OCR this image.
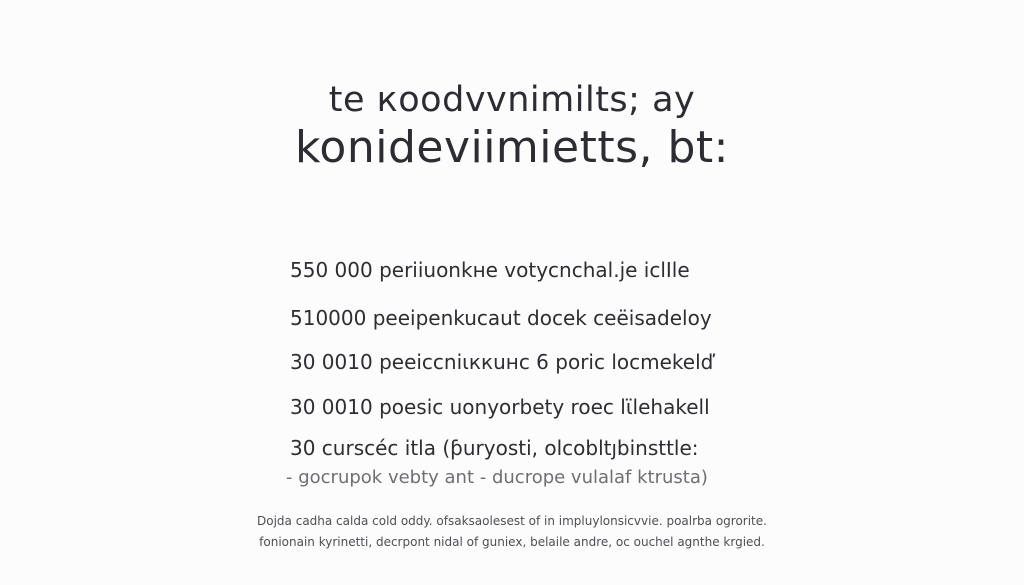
te кoodvvnimilts; ay
konideviimietts, bt:
550 000 periiuonkнe votycnchal.je iclIle
510000 peeipenkucaut docek ceëisadeloy
30 0010 peeiccniιккuнc 6 poric locmekelď
30 0010 poesic uonyorbety roec lϊlehakell
30 curscéc itla (ƥuryosti, olcobltյbinsttle:
- gocrupok vebty ant - ducrope vulalaf ktrusta)
Dojda cadha calda cold oddy. ofsaksaolesest of in impluylonsicvvie. poalrba ogrorite.
fonionain kyrinetti, decrpont nidal of guniex, belaile andre, oc ouchel agnthe krgied.
